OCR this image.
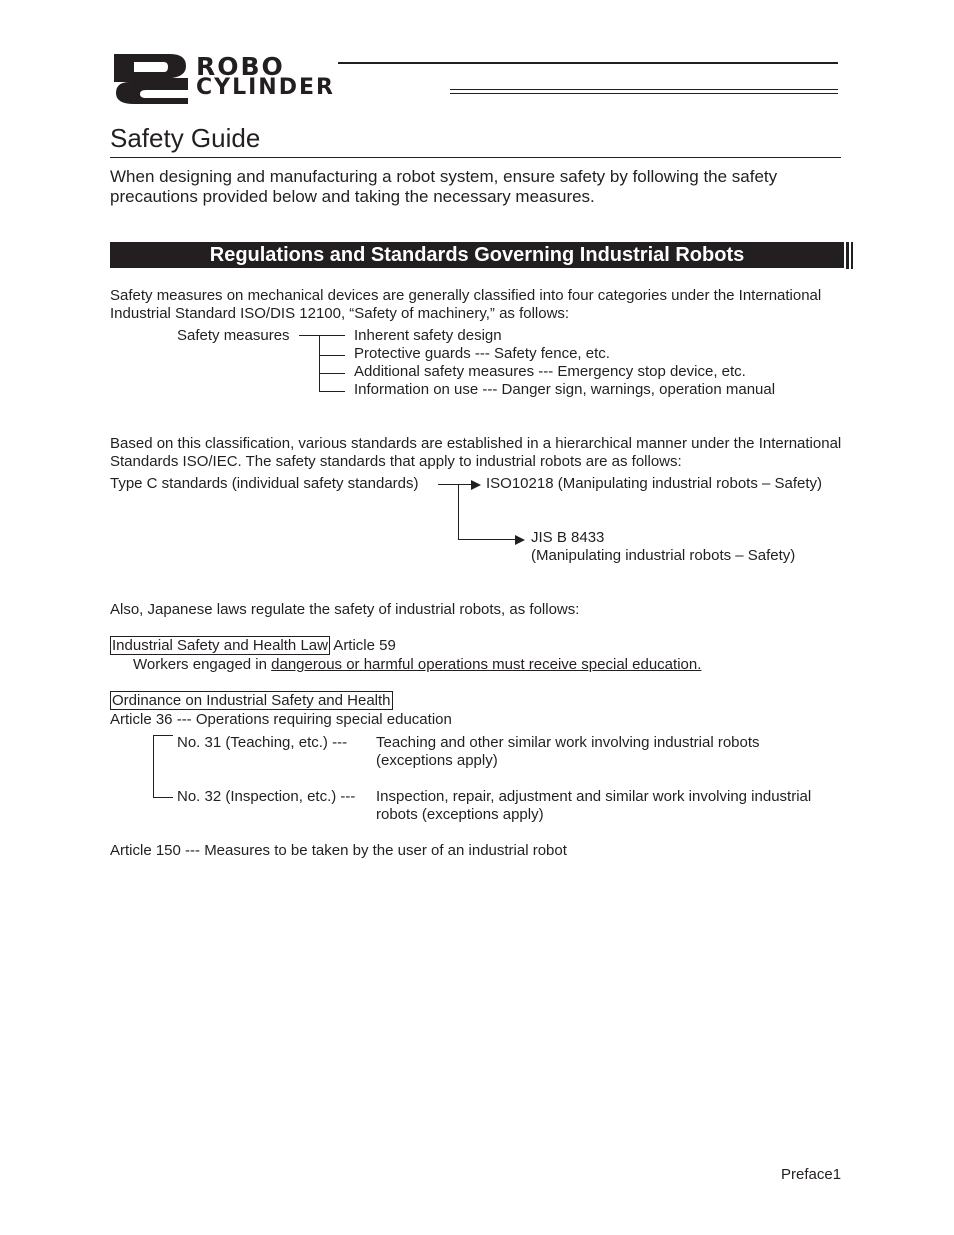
ROBO
CYLINDER
Safety Guide
When designing and manufacturing a robot system, ensure safety by following the safety precautions provided below and taking the necessary measures.
Regulations and Standards Governing Industrial Robots
Safety measures on mechanical devices are generally classified into four categories under the International Industrial Standard ISO/DIS 12100, “Safety of machinery,” as follows:
Safety measures	Inherent safety design
Protective guards --- Safety fence, etc.
Additional safety measures --- Emergency stop device, etc.
Information on use --- Danger sign, warnings, operation manual
Based on this classification, various standards are established in a hierarchical manner under the International Standards ISO/IEC. The safety standards that apply to industrial robots are as follows:
Type C standards (individual safety standards)	ISO10218 (Manipulating industrial robots – Safety)
JIS B 8433
(Manipulating industrial robots – Safety)
Also, Japanese laws regulate the safety of industrial robots, as follows:
Industrial Safety and Health Law Article 59
Workers engaged in dangerous or harmful operations must receive special education.
Ordinance on Industrial Safety and Health
Article 36 --- Operations requiring special education
No. 31 (Teaching, etc.) --- Teaching and other similar work involving industrial robots
(exceptions apply)
No. 32 (Inspection, etc.) --- Inspection, repair, adjustment and similar work involving industrial
robots (exceptions apply)
Article 150 --- Measures to be taken by the user of an industrial robot
Preface1
